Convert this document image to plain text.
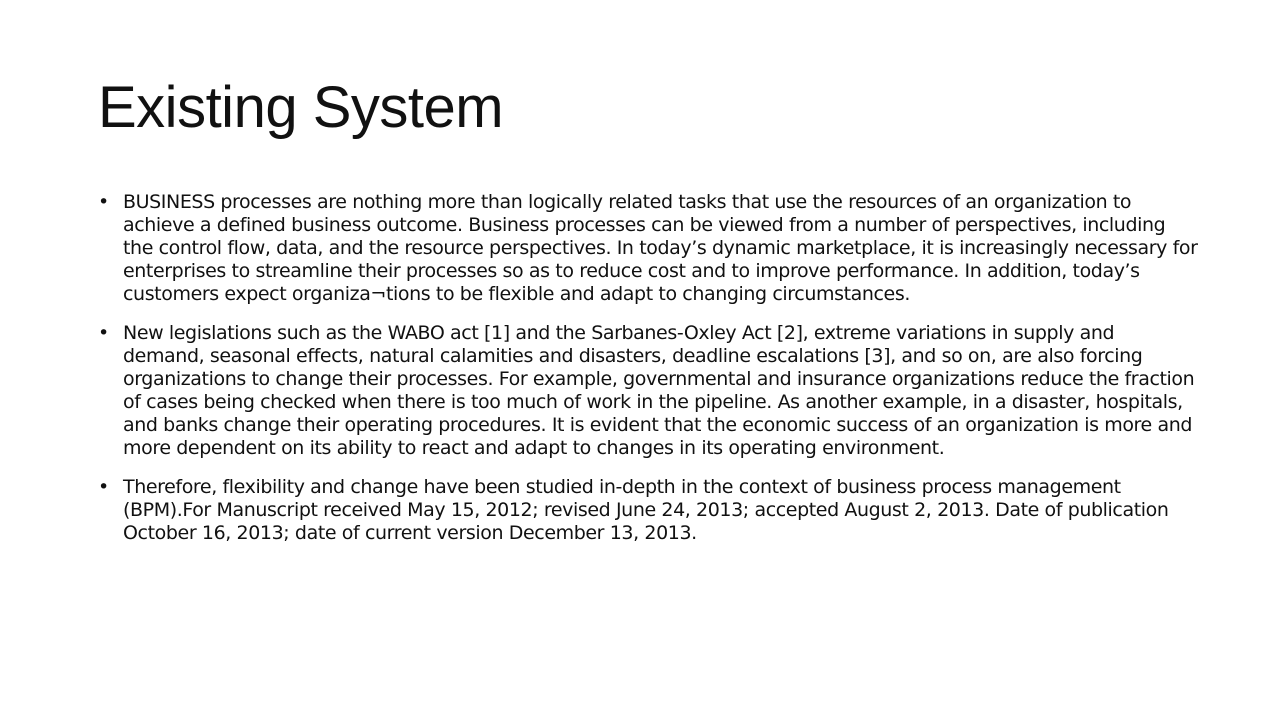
Existing System
• BUSINESS processes are nothing more than logically related tasks that use the resources of an organization to achieve a defined business outcome. Business processes can be viewed from a number of perspectives, including the control flow, data, and the resource perspectives. In today’s dynamic marketplace, it is increasingly necessary for enterprises to streamline their processes so as to reduce cost and to improve performance. In addition, today’s customers expect organiza¬tions to be flexible and adapt to changing circumstances.
• New legislations such as the WABO act [1] and the Sarbanes-Oxley Act [2], extreme variations in supply and demand, seasonal effects, natural calamities and disasters, deadline escalations [3], and so on, are also forcing organizations to change their processes. For example, governmental and insurance organizations reduce the fraction of cases being checked when there is too much of work in the pipeline. As another example, in a disaster, hospitals, and banks change their operating procedures. It is evident that the economic success of an organization is more and more dependent on its ability to react and adapt to changes in its operating environment.
• Therefore, flexibility and change have been studied in-depth in the context of business process management (BPM).For Manuscript received May 15, 2012; revised June 24, 2013; accepted August 2, 2013. Date of publication October 16, 2013; date of current version December 13, 2013.
